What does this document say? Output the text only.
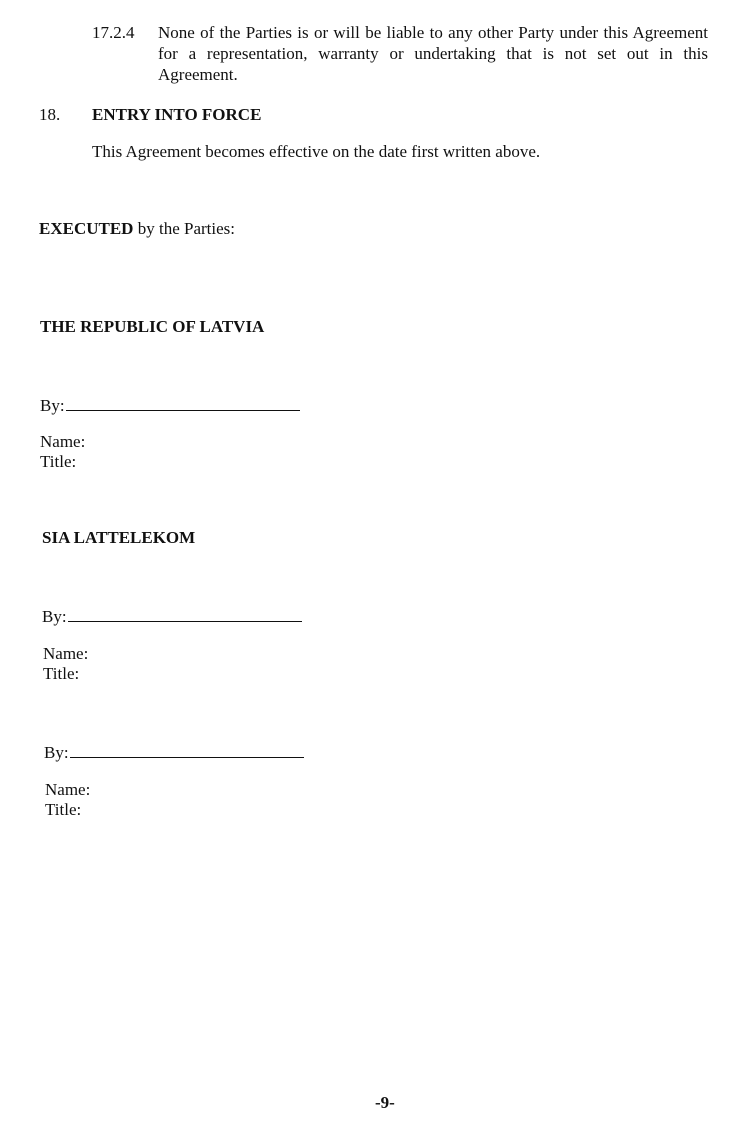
17.2.4	None of the Parties is or will be liable to any other Party under this Agreement for a representation, warranty or undertaking that is not set out in this Agreement.
18. ENTRY INTO FORCE
This Agreement becomes effective on the date first written above.
EXECUTED by the Parties:
THE REPUBLIC OF LATVIA
By:
Name:
Title:
SIA LATTELEKOM
By:
Name:
Title:
By:
Name:
Title:
-9-
